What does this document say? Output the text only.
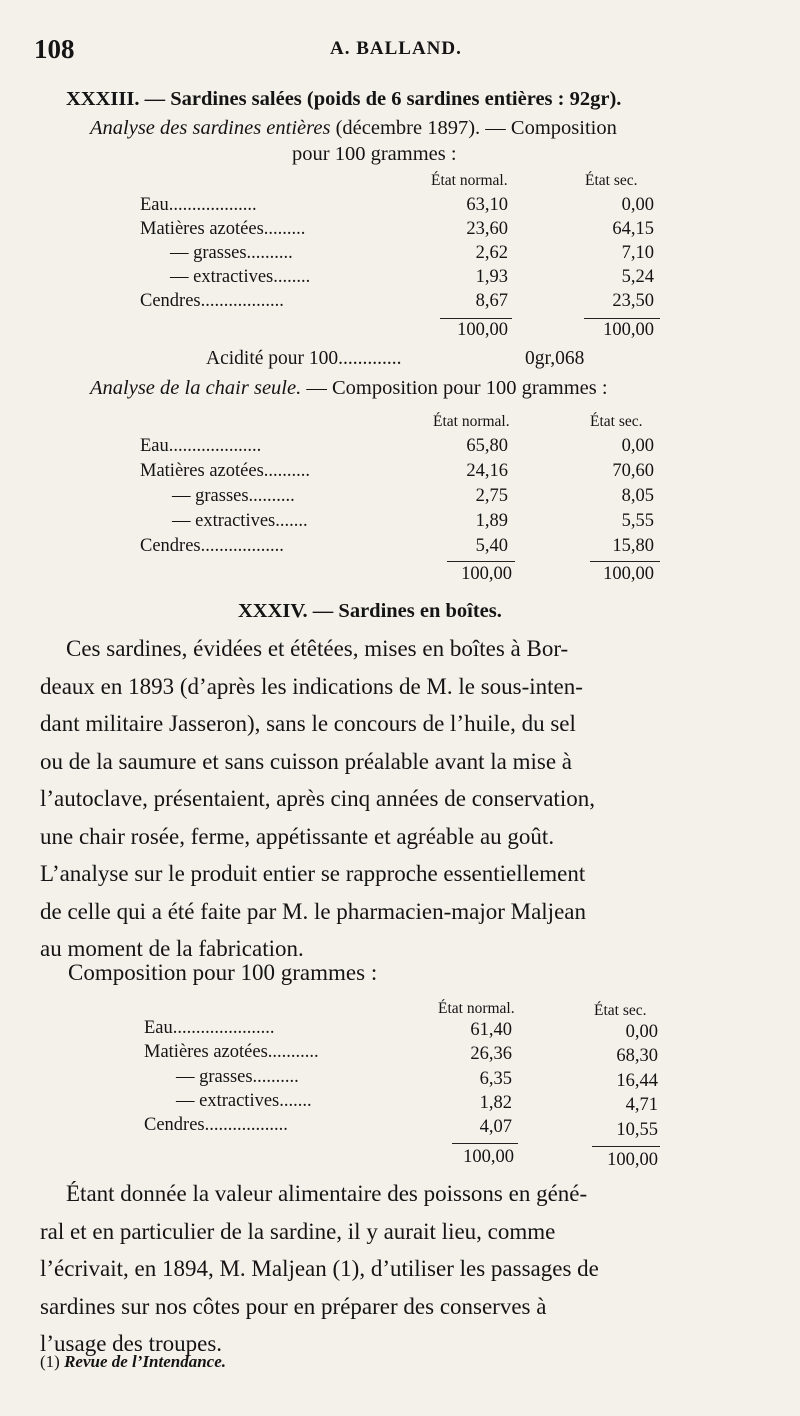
108	A. BALLAND.
XXXIII. — Sardines salées (poids de 6 sardines entières : 92gr).
Analyse des sardines entières (décembre 1897). — Composition
pour 100 grammes :
État normal.	État sec.
Eau...................	63,10	0,00
Matières azotées.........	23,60	64,15
— grasses..........	2,62	7,10
— extractives........	1,93	5,24
Cendres..................	8,67	23,50
100,00	100,00
Acidité pour 100.............	0gr,068
Analyse de la chair seule. — Composition pour 100 grammes :
État normal.	État sec.
Eau....................	65,80	0,00
Matières azotées..........	24,16	70,60
— grasses..........	2,75	8,05
— extractives.......	1,89	5,55
Cendres..................	5,40	15,80
100,00	100,00
XXXIV. — Sardines en boîtes.
Ces sardines, évidées et étêtées, mises en boîtes à Bor-
deaux en 1893 (d’après les indications de M. le sous-inten-
dant militaire Jasseron), sans le concours de l’huile, du sel
ou de la saumure et sans cuisson préalable avant la mise à
l’autoclave, présentaient, après cinq années de conservation,
une chair rosée, ferme, appétissante et agréable au goût.
L’analyse sur le produit entier se rapproche essentiellement
de celle qui a été faite par M. le pharmacien-major Maljean
au moment de la fabrication.
Composition pour 100 grammes :
État normal.	État sec.
Eau......................	61,40	0,00
Matières azotées...........	26,36	68,30
— grasses..........	6,35	16,44
— extractives.......	1,82	4,71
Cendres..................	4,07	10,55
100,00	100,00
Étant donnée la valeur alimentaire des poissons en géné-
ral et en particulier de la sardine, il y aurait lieu, comme
l’écrivait, en 1894, M. Maljean (1), d’utiliser les passages de
sardines sur nos côtes pour en préparer des conserves à
l’usage des troupes.
(1) Revue de l’Intendance.
